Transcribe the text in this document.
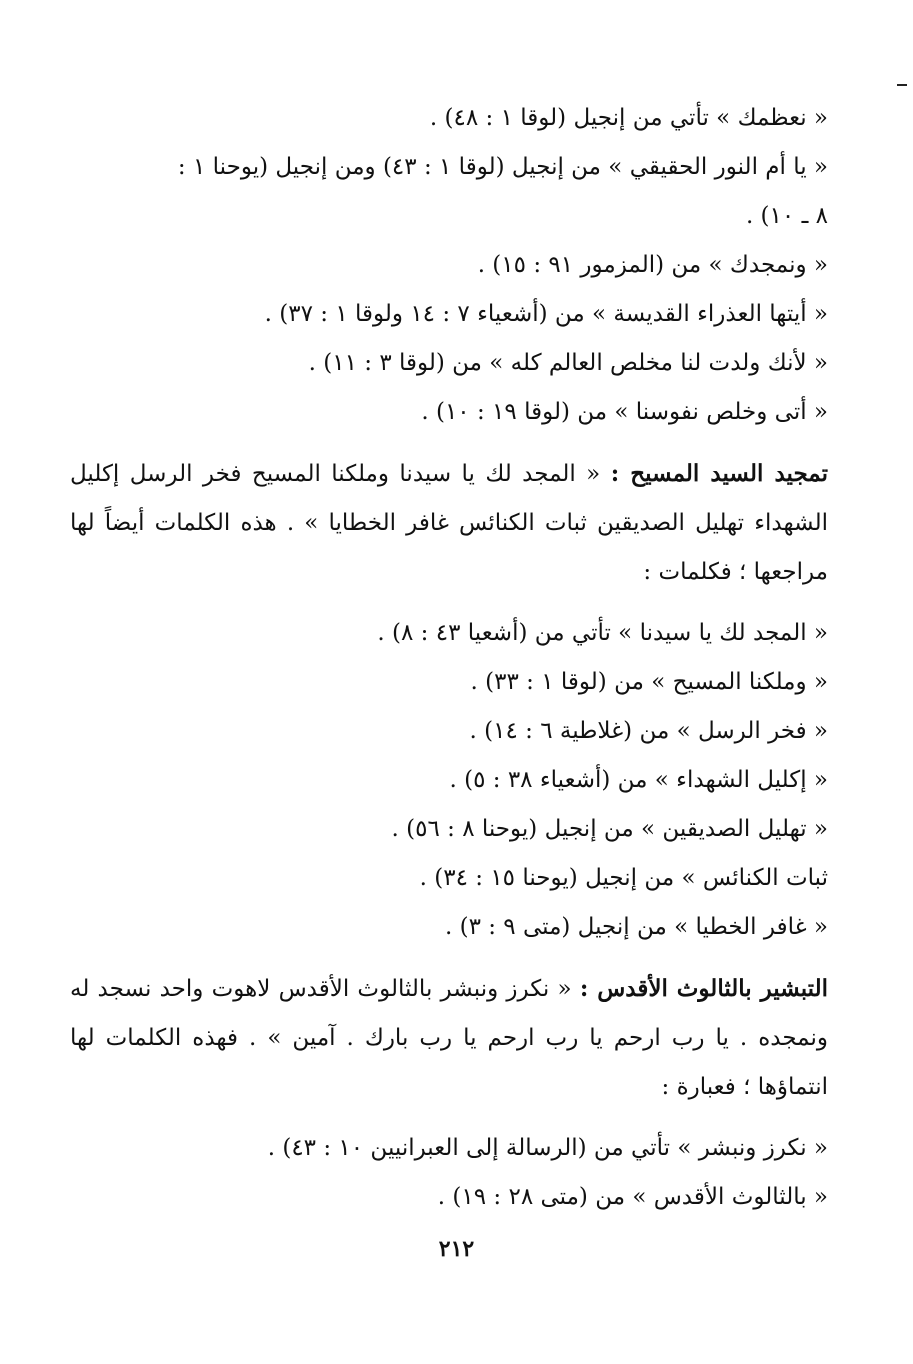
« نعظمك » تأتي من إنجيل (لوقا ١ : ٤٨) .
« يا أم النور الحقيقي » من إنجيل (لوقا ١ : ٤٣) ومن إنجيل (يوحنا ١ :
٨ ـ ١٠) .
« ونمجدك » من (المزمور ٩١ : ١٥) .
« أيتها العذراء القديسة » من (أشعياء ٧ : ١٤ ولوقا ١ : ٣٧) .
« لأنك ولدت لنا مخلص العالم كله » من (لوقا ٣ : ١١) .
« أتى وخلص نفوسنا » من (لوقا ١٩ : ١٠) .
تمجيد السيد المسيح : « المجد لك يا سيدنا وملكنا المسيح فخر الرسل إكليل الشهداء تهليل الصديقين ثبات الكنائس غافر الخطايا » . هذه الكلمات أيضاً لها مراجعها ؛ فكلمات :
« المجد لك يا سيدنا » تأتي من (أشعيا ٤٣ : ٨) .
« وملكنا المسيح » من (لوقا ١ : ٣٣) .
« فخر الرسل » من (غلاطية ٦ : ١٤) .
« إكليل الشهداء » من (أشعياء ٣٨ : ٥) .
« تهليل الصديقين » من إنجيل (يوحنا ٨ : ٥٦) .
ثبات الكنائس » من إنجيل (يوحنا ١٥ : ٣٤) .
« غافر الخطيا » من إنجيل (متى ٩ : ٣) .
التبشير بالثالوث الأقدس : « نكرز ونبشر بالثالوث الأقدس لاهوت واحد نسجد له ونمجده . يا رب ارحم يا رب ارحم يا رب بارك . آمين » . فهذه الكلمات لها انتماؤها ؛ فعبارة :
« نكرز ونبشر » تأتي من (الرسالة إلى العبرانيين ١٠ : ٤٣) .
« بالثالوث الأقدس » من (متى ٢٨ : ١٩) .
٢١٢
